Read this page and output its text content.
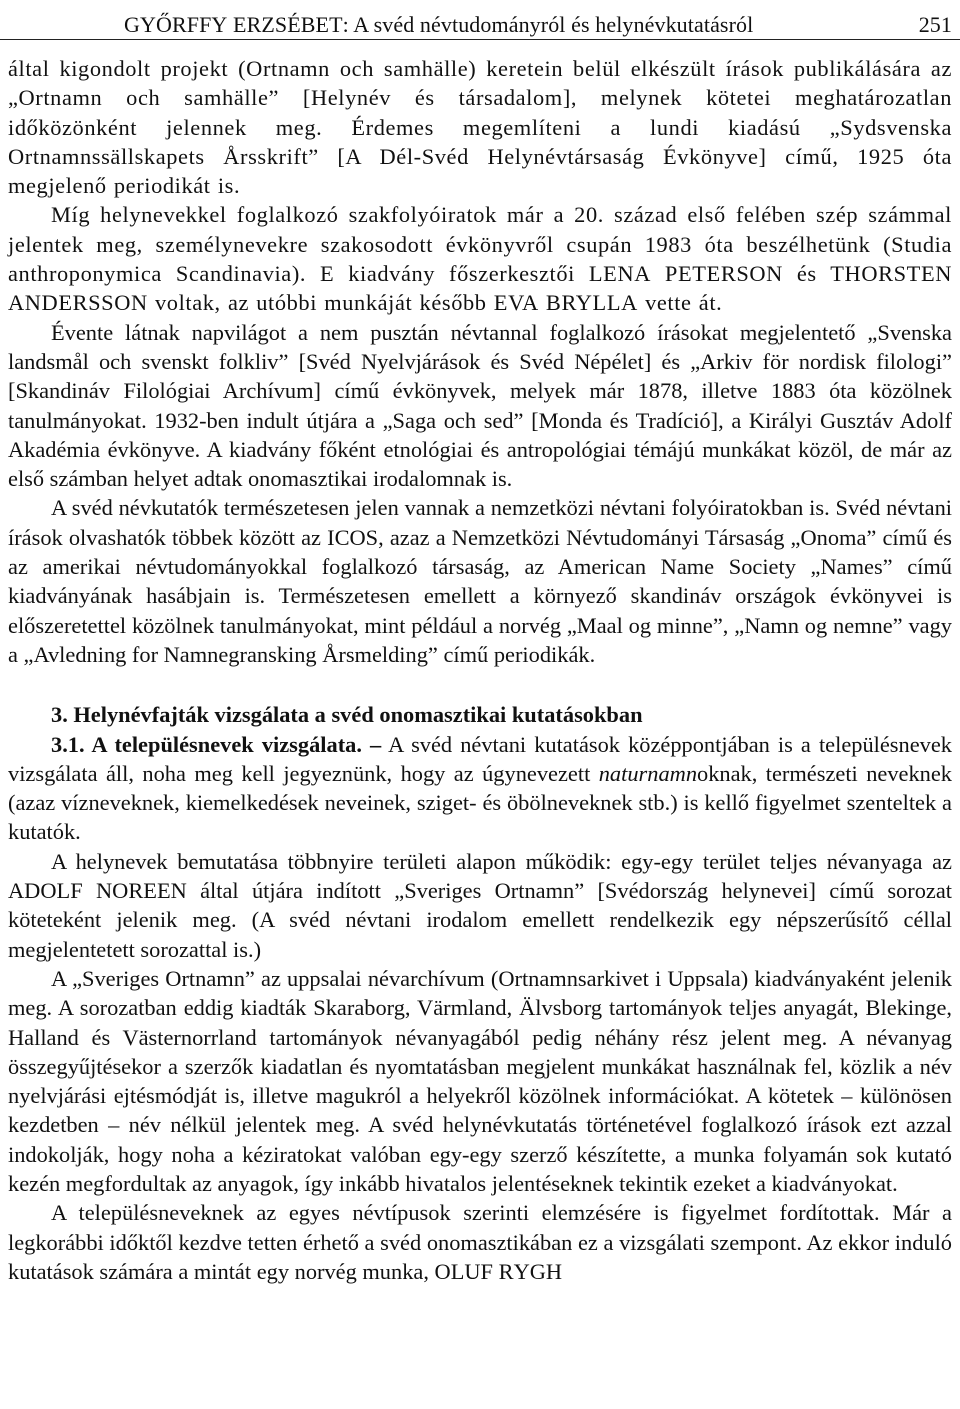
GYŐRFFY ERZSÉBET: A svéd névtudományról és helynévkutatásról	251

által kigondolt projekt (Ortnamn och samhälle) keretein belül elkészült írások publikálására az „Ortnamn och samhälle” [Helynév és társadalom], melynek kötetei meghatározatlan időközönként jelennek meg. Érdemes megemlíteni a lundi kiadású „Sydsvenska Ortnamnssällskapets Årsskrift” [A Dél-Svéd Helynévtársaság Évkönyve] című, 1925 óta megjelenő periodikát is.

Míg helynevekkel foglalkozó szakfolyóiratok már a 20. század első felében szép számmal jelentek meg, személynevekre szakosodott évkönyvről csupán 1983 óta beszélhetünk (Studia anthroponymica Scandinavia). E kiadvány főszerkesztői LENA PETERSON és THORSTEN ANDERSSON voltak, az utóbbi munkáját később EVA BRYLLA vette át.

Évente látnak napvilágot a nem pusztán névtannal foglalkozó írásokat megjelentető „Svenska landsmål och svenskt folkliv” [Svéd Nyelvjárások és Svéd Népélet] és „Arkiv för nordisk filologi” [Skandináv Filológiai Archívum] című évkönyvek, melyek már 1878, illetve 1883 óta közölnek tanulmányokat. 1932-ben indult útjára a „Saga och sed” [Monda és Tradíció], a Királyi Gusztáv Adolf Akadémia évkönyve. A kiadvány főként etnológiai és antropológiai témájú munkákat közöl, de már az első számban helyet adtak onomasztikai irodalomnak is.

A svéd névkutatók természetesen jelen vannak a nemzetközi névtani folyóiratokban is. Svéd névtani írások olvashatók többek között az ICOS, azaz a Nemzetközi Névtudományi Társaság „Onoma” című és az amerikai névtudományokkal foglalkozó társaság, az American Name Society „Names” című kiadványának hasábjain is. Természetesen emellett a környező skandináv országok évkönyvei is előszeretettel közölnek tanulmányokat, mint például a norvég „Maal og minne”, „Namn og nemne” vagy a „Avledning for Namnegransking Årsmelding” című periodikák.

3. Helynévfajták vizsgálata a svéd onomasztikai kutatásokban

3.1. A településnevek vizsgálata. – A svéd névtani kutatások középpontjában is a településnevek vizsgálata áll, noha meg kell jegyeznünk, hogy az úgynevezett naturnamnoknak, természeti neveknek (azaz vízneveknek, kiemelkedések neveinek, sziget- és öbölneveknek stb.) is kellő figyelmet szenteltek a kutatók.

A helynevek bemutatása többnyire területi alapon működik: egy-egy terület teljes névanyaga az ADOLF NOREEN által útjára indított „Sveriges Ortnamn” [Svédország helynevei] című sorozat köteteként jelenik meg. (A svéd névtani irodalom emellett rendelkezik egy népszerűsítő céllal megjelentetett sorozattal is.)

A „Sveriges Ortnamn” az uppsalai névarchívum (Ortnamnsarkivet i Uppsala) kiadványaként jelenik meg. A sorozatban eddig kiadták Skaraborg, Värmland, Älvsborg tartományok teljes anyagát, Blekinge, Halland és Västernorrland tartományok névanyagából pedig néhány rész jelent meg. A névanyag összegyűjtésekor a szerzők kiadatlan és nyomtatásban megjelent munkákat használnak fel, közlik a név nyelvjárási ejtésmódját is, illetve magukról a helyekről közölnek információkat. A kötetek – különösen kezdetben – név nélkül jelentek meg. A svéd helynévkutatás történetével foglalkozó írások ezt azzal indokolják, hogy noha a kéziratokat valóban egy-egy szerző készítette, a munka folyamán sok kutató kezén megfordultak az anyagok, így inkább hivatalos jelentéseknek tekintik ezeket a kiadványokat.

A településneveknek az egyes névtípusok szerinti elemzésére is figyelmet fordítottak. Már a legkorábbi időktől kezdve tetten érhető a svéd onomasztikában ez a vizsgálati szempont. Az ekkor induló kutatások számára a mintát egy norvég munka, OLUF RYGH
